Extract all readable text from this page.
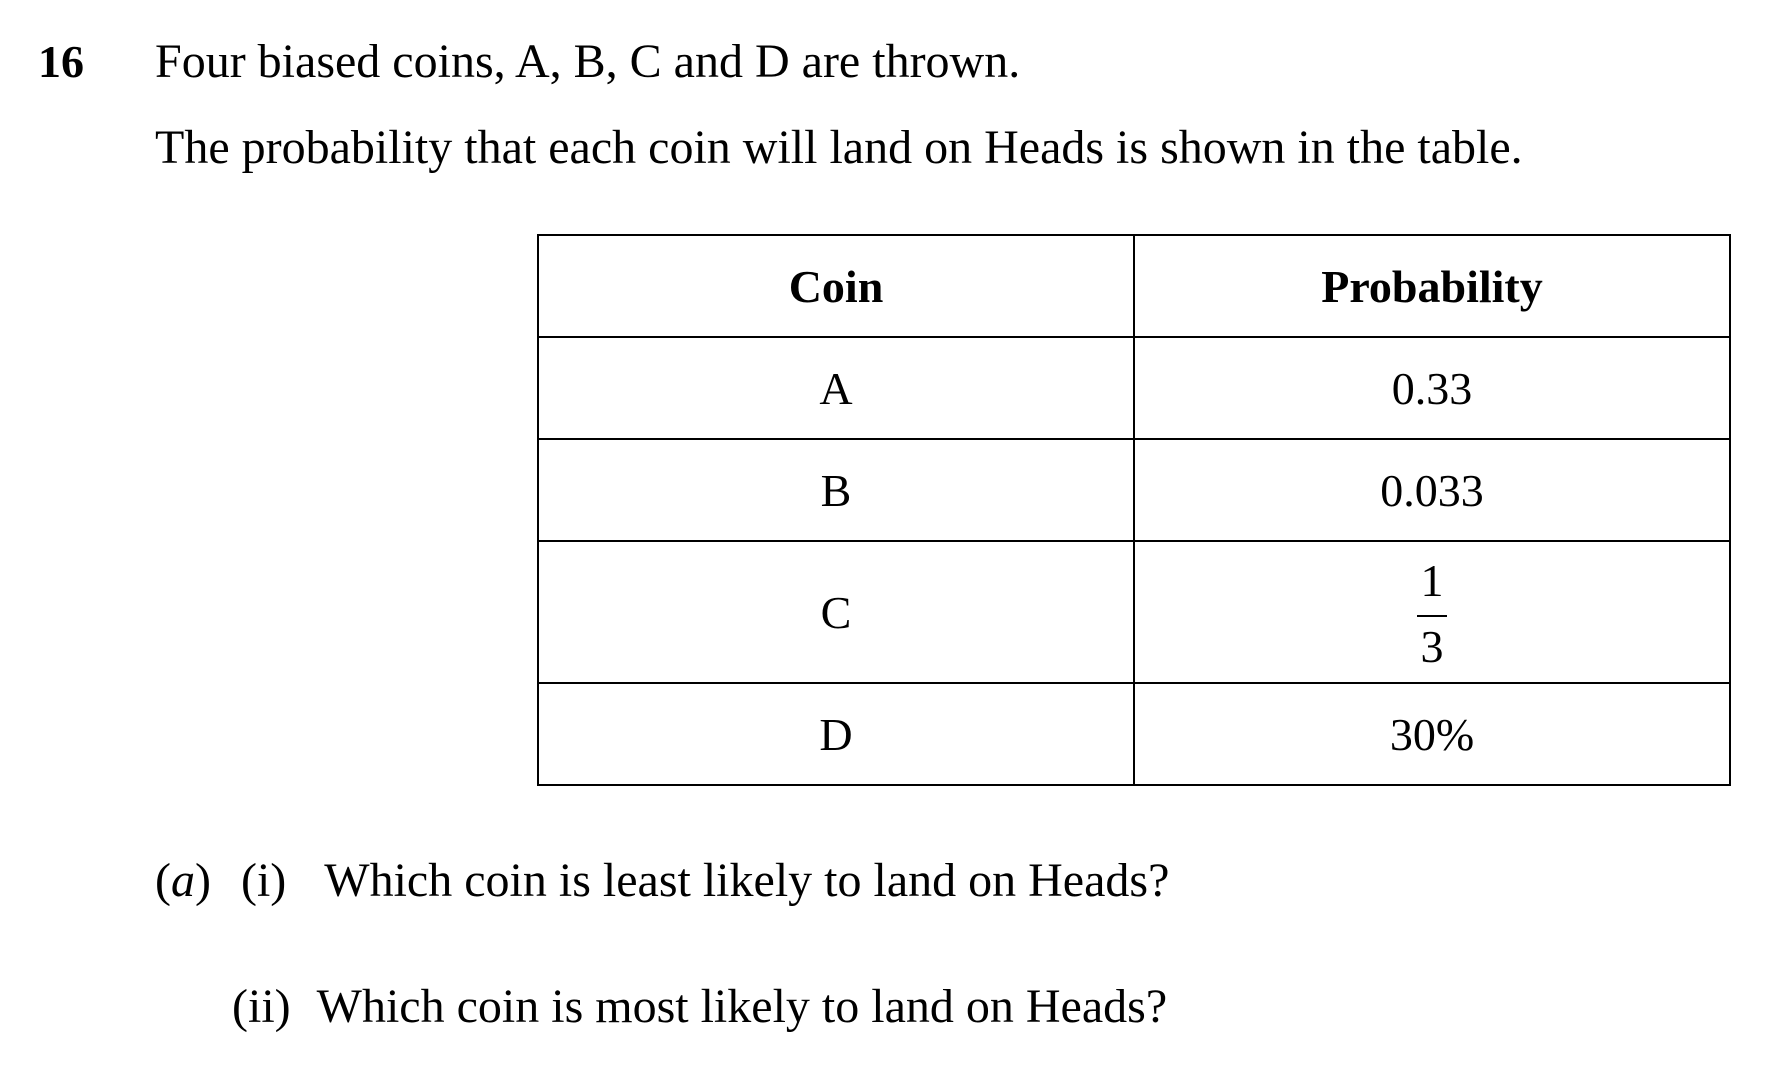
16 Four biased coins, A, B, C and D are thrown.
The probability that each coin will land on Heads is shown in the table.
Coin	Probability
A	0.33
B	0.033
C	$\frac{1}{3}$

D	30%
(a) (i) Which coin is least likely to land on Heads?
(ii) Which coin is most likely to land on Heads?
